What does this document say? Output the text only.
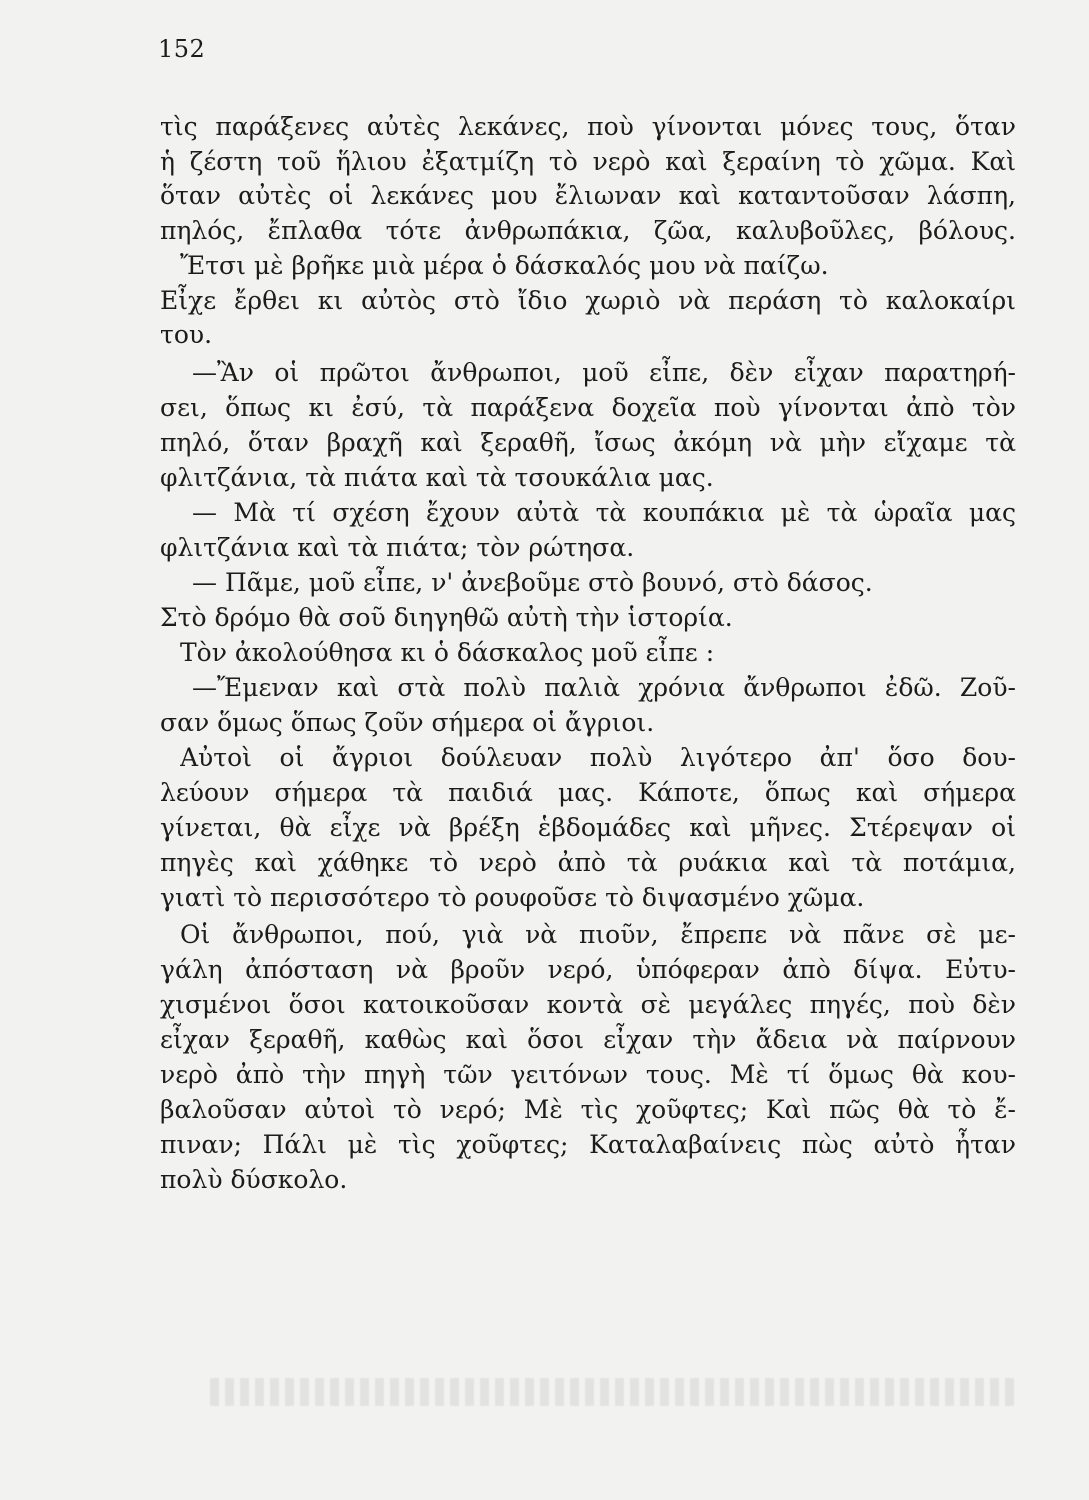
152
τὶς παράξενες αὐτὲς λεκάνες, ποὺ γίνονται μόνες τους, ὅταν
ἡ ζέστη τοῦ ἥλιου ἐξατμίζη τὸ νερὸ καὶ ξεραίνη τὸ χῶμα. Καὶ
ὅταν αὐτὲς οἱ λεκάνες μου ἔλιωναν καὶ καταντοῦσαν λάσπη,
πηλός, ἔπλαθα τότε ἀνθρωπάκια, ζῶα, καλυβοῦλες, βόλους.
Ἔτσι μὲ βρῆκε μιὰ μέρα ὁ δάσκαλός μου νὰ παίζω.
Εἶχε ἔρθει κι αὐτὸς στὸ ἴδιο χωριὸ νὰ περάση τὸ καλοκαίρι
του.
—Ἂν οἱ πρῶτοι ἄνθρωποι, μοῦ εἶπε, δὲν εἶχαν παρατηρή-
σει, ὅπως κι ἐσύ, τὰ παράξενα δοχεῖα ποὺ γίνονται ἀπὸ τὸν
πηλό, ὅταν βραχῆ καὶ ξεραθῆ, ἴσως ἀκόμη νὰ μὴν εἴχαμε τὰ
φλιτζάνια, τὰ πιάτα καὶ τὰ τσουκάλια μας.
— Μὰ τί σχέση ἔχουν αὐτὰ τὰ κουπάκια μὲ τὰ ὡραῖα μας
φλιτζάνια καὶ τὰ πιάτα; τὸν ρώτησα.
— Πᾶμε, μοῦ εἶπε, ν' ἀνεβοῦμε στὸ βουνό, στὸ δάσος.
Στὸ δρόμο θὰ σοῦ διηγηθῶ αὐτὴ τὴν ἱστορία.
Τὸν ἀκολούθησα κι ὁ δάσκαλος μοῦ εἶπε :
—Ἔμεναν καὶ στὰ πολὺ παλιὰ χρόνια ἄνθρωποι ἐδῶ. Ζοῦ-
σαν ὅμως ὅπως ζοῦν σήμερα οἱ ἄγριοι.
Αὐτοὶ οἱ ἄγριοι δούλευαν πολὺ λιγότερο ἀπ' ὅσο δου-
λεύουν σήμερα τὰ παιδιά μας. Κάποτε, ὅπως καὶ σήμερα
γίνεται, θὰ εἶχε νὰ βρέξη ἑβδομάδες καὶ μῆνες. Στέρεψαν οἱ
πηγὲς καὶ χάθηκε τὸ νερὸ ἀπὸ τὰ ρυάκια καὶ τὰ ποτάμια,
γιατὶ τὸ περισσότερο τὸ ρουφοῦσε τὸ διψασμένο χῶμα.
Οἱ ἄνθρωποι, πού, γιὰ νὰ πιοῦν, ἔπρεπε νὰ πᾶνε σὲ με-
γάλη ἀπόσταση νὰ βροῦν νερό, ὑπόφεραν ἀπὸ δίψα. Εὐτυ-
χισμένοι ὅσοι κατοικοῦσαν κοντὰ σὲ μεγάλες πηγές, ποὺ δὲν
εἶχαν ξεραθῆ, καθὼς καὶ ὅσοι εἶχαν τὴν ἄδεια νὰ παίρνουν
νερὸ ἀπὸ τὴν πηγὴ τῶν γειτόνων τους. Μὲ τί ὅμως θὰ κου-
βαλοῦσαν αὐτοὶ τὸ νερό; Μὲ τὶς χοῦφτες; Καὶ πῶς θὰ τὸ ἔ-
πιναν; Πάλι μὲ τὶς χοῦφτες; Καταλαβαίνεις πὼς αὐτὸ ἦταν
πολὺ δύσκολο.
